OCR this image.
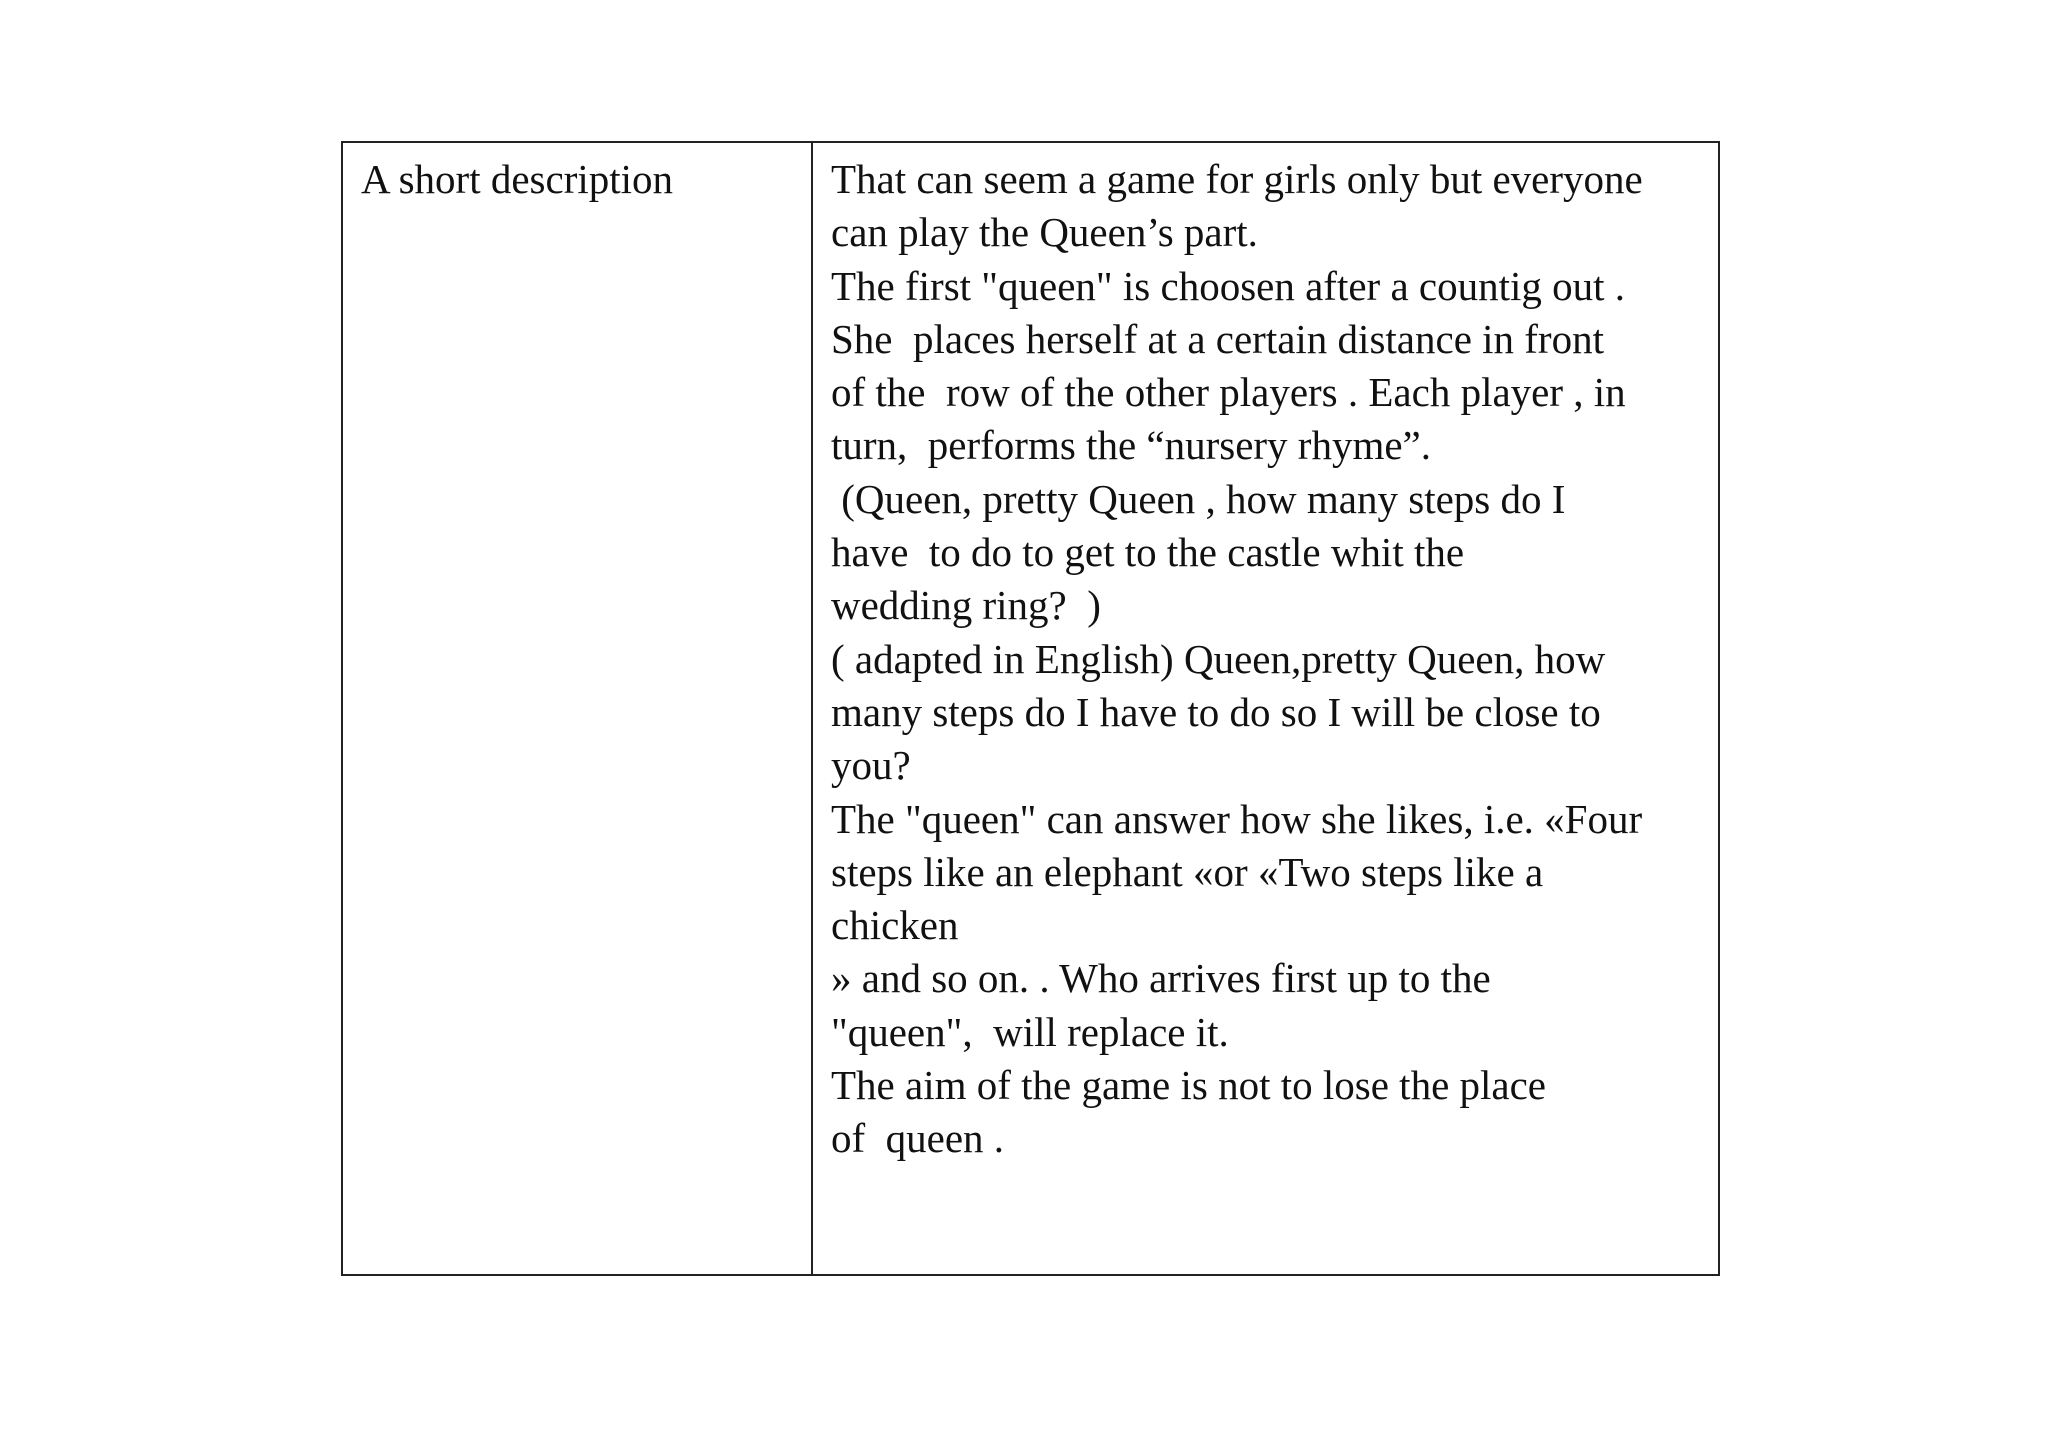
A short description	That can seem a game for girls only but everyone
can play the Queen’s part.
The first "queen" is choosen after a countig out .
She  places herself at a certain distance in front
of the  row of the other players . Each player , in
turn,  performs the “nursery rhyme”.
(Queen, pretty Queen , how many steps do I
have  to do to get to the castle whit the
wedding ring?  )
( adapted in English) Queen,pretty Queen, how
many steps do I have to do so I will be close to
you?
The "queen" can answer how she likes, i.e. «Four
steps like an elephant «or «Two steps like a
chicken
» and so on. . Who arrives first up to the
"queen",  will replace it.
The aim of the game is not to lose the place
of  queen .
